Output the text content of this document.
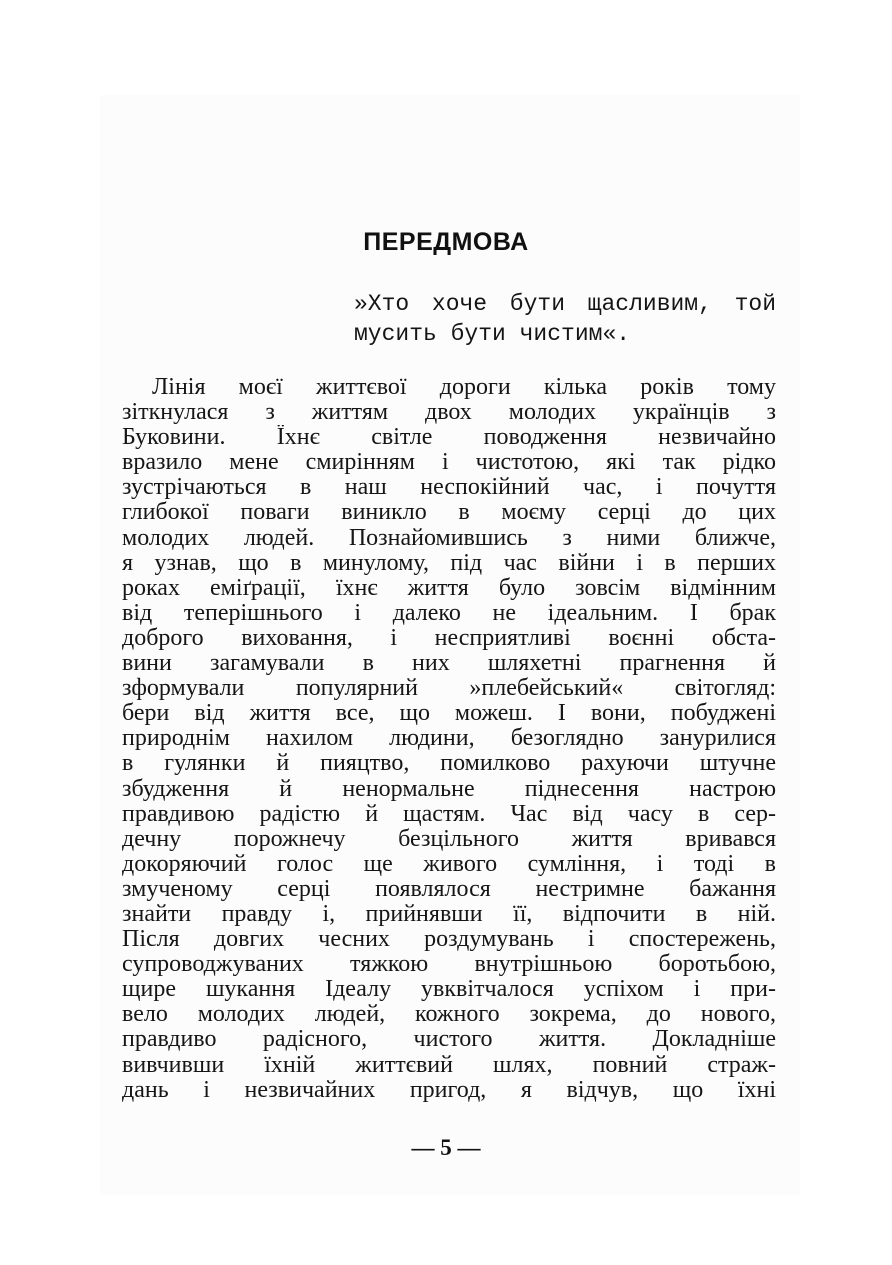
ПЕРЕДМОВА
»Хто хоче бути щасливим, той
мусить бути чистим«.
Лінія моєї життєвої дороги кілька років тому
зіткнулася з життям двох молодих українців з
Буковини. Їхнє світле поводження незвичайно
вразило мене смирінням і чистотою, які так рідко
зустрічаються в наш неспокійний час, і почуття
глибокої поваги виникло в моєму серці до цих
молодих людей. Познайомившись з ними ближче,
я узнав, що в минулому, під час війни і в перших
роках еміґрації, їхнє життя було зовсім відмінним
від теперішнього і далеко не ідеальним. І брак
доброго виховання, і несприятливі воєнні обста-
вини загамували в них шляхетні прагнення й
зформували популярний »плебейський« світогляд:
бери від життя все, що можеш. І вони, побуджені
природнім нахилом людини, безоглядно занурилися
в гулянки й пияцтво, помилково рахуючи штучне
збудження й ненормальне піднесення настрою
правдивою радістю й щастям. Час від часу в сер-
дечну порожнечу безцільного життя вривався
докоряючий голос ще живого сумління, і тоді в
змученому серці появлялося нестримне бажання
знайти правду і, прийнявши її, відпочити в ній.
Після довгих чесних роздумувань і спостережень,
супроводжуваних тяжкою внутрішньою боротьбою,
щире шукання Ідеалу увквітчалося успіхом і при-
вело молодих людей, кожного зокрема, до нового,
правдиво радісного, чистого життя. Докладніше
вивчивши їхній життєвий шлях, повний страж-
дань і незвичайних пригод, я відчув, що їхні
— 5 —
